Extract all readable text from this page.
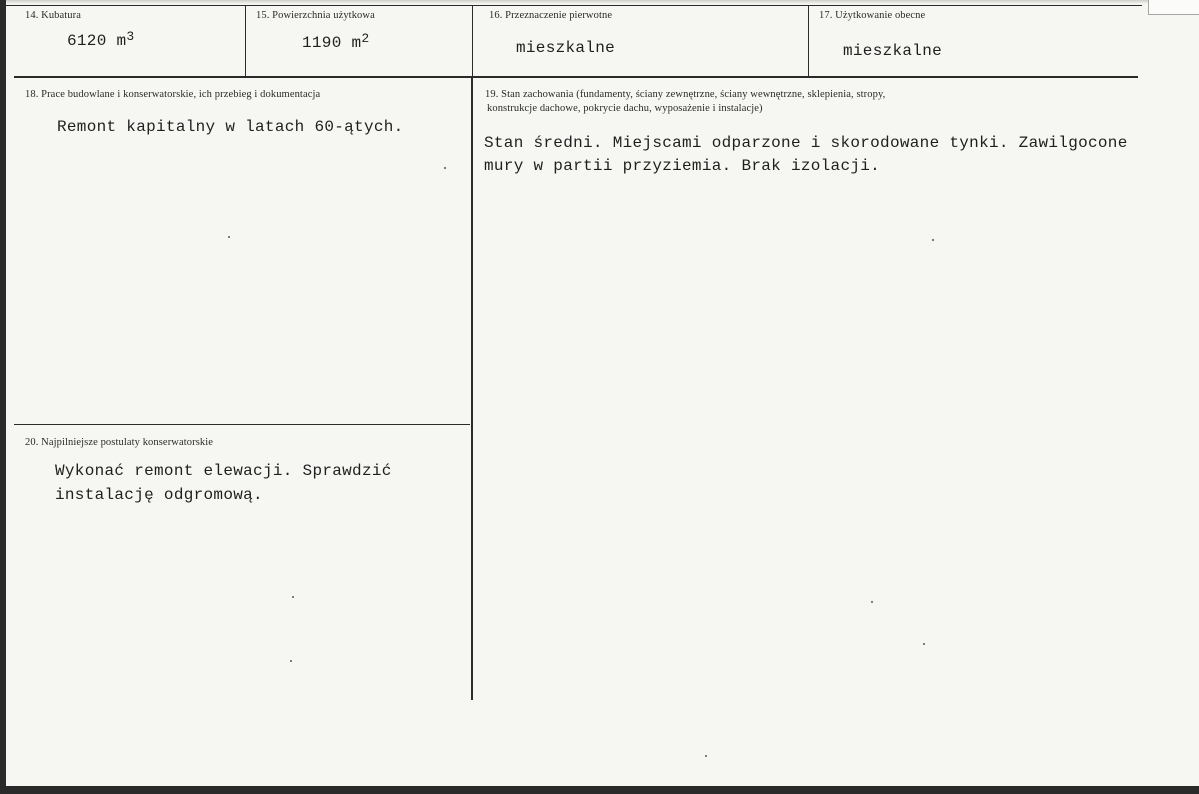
14. Kubatura
6120 $m^3$
15. Powierzchnia użytkowa
1190 $m^2$
16. Przeznaczenie pierwotne
mieszkalne
17. Użytkowanie obecne
mieszkalne
18. Prace budowlane i konserwatorskie, ich przebieg i dokumentacja
Remont kapitalny w latach 60-ątych.
19. Stan zachowania (fundamenty, ściany zewnętrzne, ściany wewnętrzne, sklepienia, stropy,
konstrukcje dachowe, pokrycie dachu, wyposażenie i instalacje)
Stan średni. Miejscami odparzone i skorodowane tynki. Zawilgocone
mury w partii przyziemia. Brak izolacji.
20. Najpilniejsze postulaty konserwatorskie
Wykonać remont elewacji. Sprawdzić
instalację odgromową.
